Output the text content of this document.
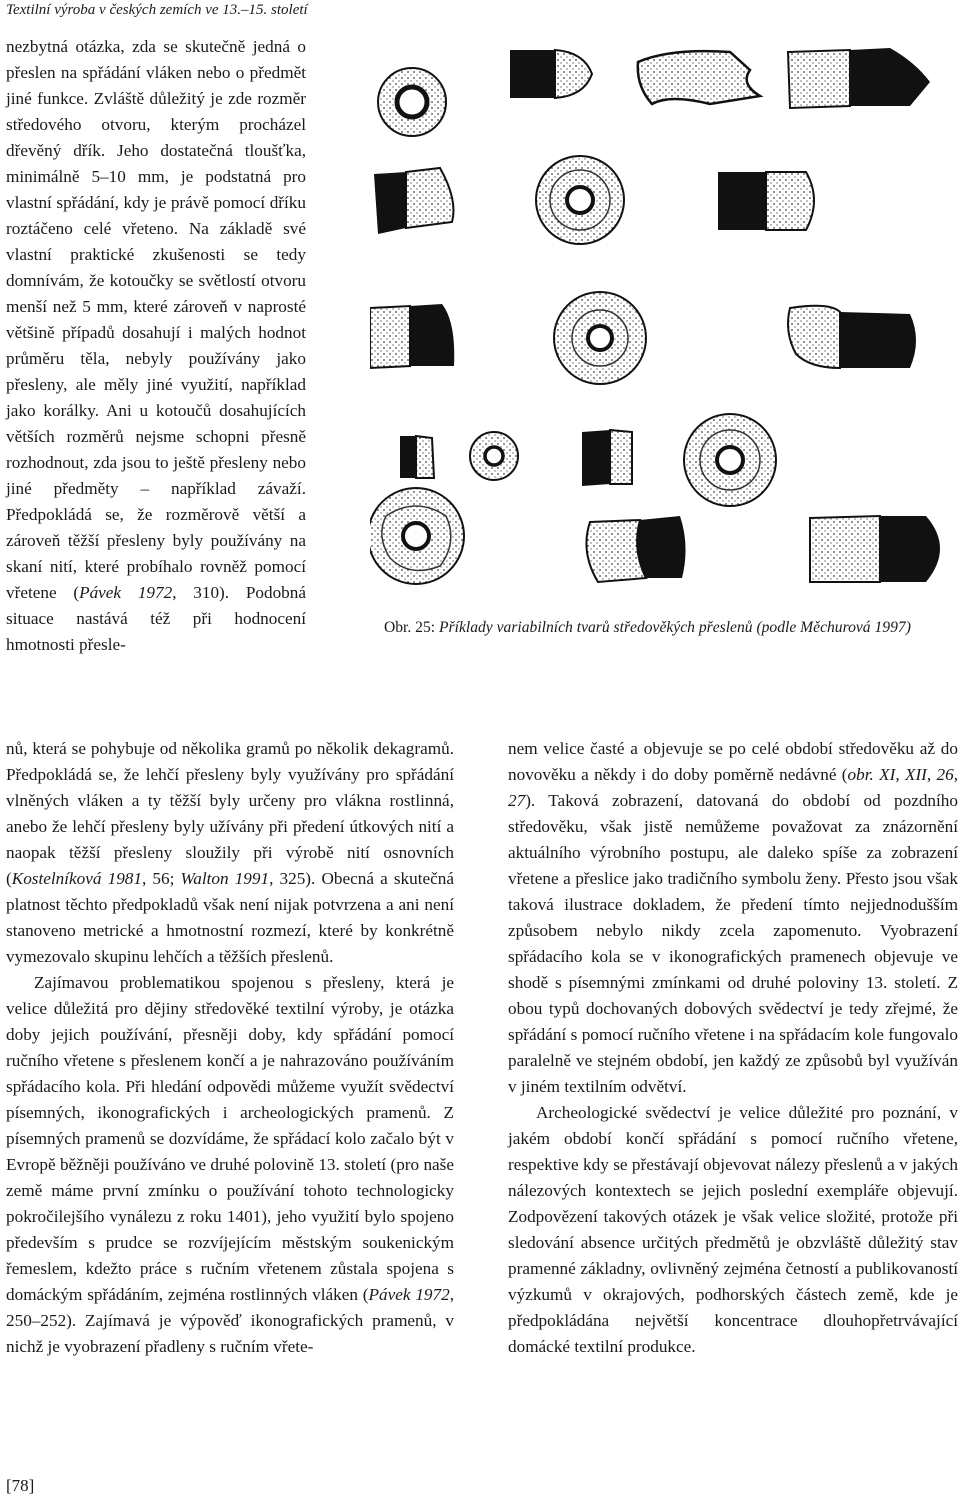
Textilní výroba v českých zemích ve 13.–15. století

nezbytná otázka, zda se skutečně jedná o přeslen na spřádání vláken nebo o předmět jiné funkce. Zvláště důležitý je zde rozměr středového otvoru, kterým procházel dřevěný dřík. Jeho dostatečná tloušťka, minimálně 5–10 mm, je podstatná pro vlastní spřádání, kdy je právě pomocí dříku roztáčeno celé vřeteno. Na základě své vlastní praktické zkušenosti se tedy domnívám, že kotoučky se světlostí otvoru menší než 5 mm, které zároveň v naprosté většině případů dosahují i malých hodnot průměru těla, nebyly používány jako přesleny, ale měly jiné využití, například jako korálky. Ani u kotoučů dosahujících větších rozměrů nejsme schopni přesně rozhodnout, zda jsou to ještě přesleny nebo jiné předměty – například závaží. Předpokládá se, že rozměrově větší a zároveň těžší přesleny byly používány na skaní nití, které probíhalo rovněž pomocí vřetene (Pávek 1972, 310). Podobná situace nastává též při hodnocení hmotnosti přesle-

Obr. 25: Příklady variabilních tvarů středověkých přeslenů (podle Měchurová 1997)

nů, která se pohybuje od několika gramů po několik dekagramů. Předpokládá se, že lehčí přesleny byly využívány pro spřádání vlněných vláken a ty těžší byly určeny pro vlákna rostlinná, anebo že lehčí přesleny byly užívány při předení útkových nití a naopak těžší přesleny sloužily při výrobě nití osnovních (Kostelníková 1981, 56; Walton 1991, 325). Obecná a skutečná platnost těchto předpokladů však není nijak potvrzena a ani není stanoveno metrické a hmotnostní rozmezí, které by konkrétně vymezovalo skupinu lehčích a těžších přeslenů.

Zajímavou problematikou spojenou s přesleny, která je velice důležitá pro dějiny středověké textilní výroby, je otázka doby jejich používání, přesněji doby, kdy spřádání pomocí ručního vřetene s přeslenem končí a je nahrazováno používáním spřádacího kola. Při hledání odpovědi můžeme využít svědectví písemných, ikonografických i archeologických pramenů. Z písemných pramenů se dozvídáme, že spřádací kolo začalo být v Evropě běžněji používáno ve druhé polovině 13. století (pro naše země máme první zmínku o používání tohoto technologicky pokročilejšího vynálezu z roku 1401), jeho využití bylo spojeno především s prudce se rozvíjejícím městským soukenickým řemeslem, kdežto práce s ručním vřetenem zůstala spojena s domáckým spřádáním, zejména rostlinných vláken (Pávek 1972, 250–252). Zajímavá je výpověď ikonografických pramenů, v nichž je vyobrazení přadleny s ručním vřete-

nem velice časté a objevuje se po celé období středověku až do novověku a někdy i do doby poměrně nedávné (obr. XI, XII, 26, 27). Taková zobrazení, datovaná do období od pozdního středověku, však jistě nemůžeme považovat za znázornění aktuálního výrobního postupu, ale daleko spíše za zobrazení vřetene a přeslice jako tradičního symbolu ženy. Přesto jsou však taková ilustrace dokladem, že předení tímto nejjednodušším způsobem nebylo nikdy zcela zapomenuto. Vyobrazení spřádacího kola se v ikonografických pramenech objevuje ve shodě s písemnými zmínkami od druhé poloviny 13. století. Z obou typů dochovaných dobových svědectví je tedy zřejmé, že spřádání s pomocí ručního vřetene i na spřádacím kole fungovalo paralelně ve stejném období, jen každý ze způsobů byl využíván v jiném textilním odvětví.

Archeologické svědectví je velice důležité pro poznání, v jakém období končí spřádání s pomocí ručního vřetene, respektive kdy se přestávají objevovat nálezy přeslenů a v jakých nálezových kontextech se jejich poslední exempláře objevují. Zodpovězení takových otázek je však velice složité, protože při sledování absence určitých předmětů je obzvláště důležitý stav pramenné základny, ovlivněný zejména četností a publikovaností výzkumů v okrajových, podhorských částech země, kde je předpokládána největší koncentrace dlouhopřetrvávající domácké textilní produkce.

[78]
